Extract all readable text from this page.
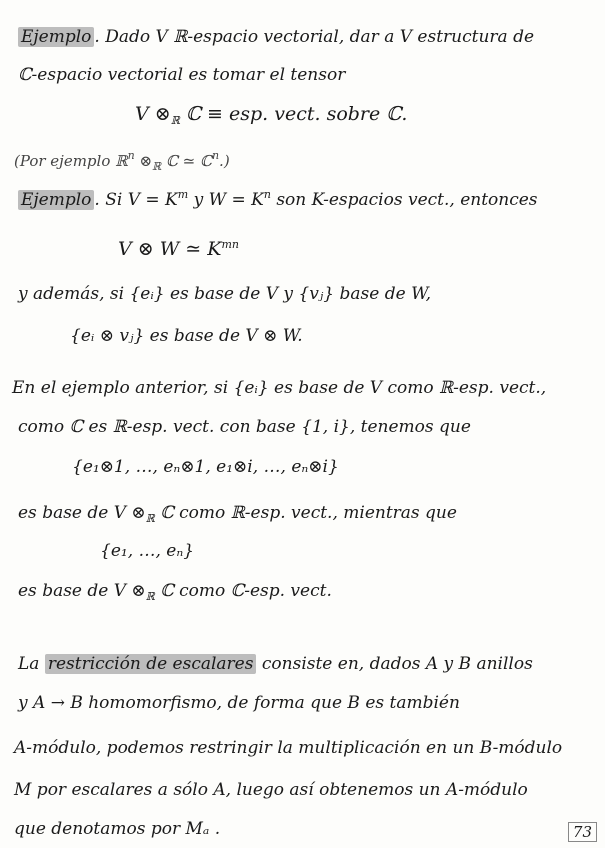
Ejemplo . Dado V ℝ-espacio vectorial, dar a V estructura de
ℂ-espacio vectorial es tomar el tensor
V $\otimes_ℝ$ ℂ ≡ esp. vect. sobre ℂ.
(Por ejemplo ℝ$^n$ $\otimes_ℝ$ ℂ ≃ ℂ$^n$.)
Ejemplo . Si $V = K^m$ y $W = K^n$ son K-espacios vect., entonces
V ⊗ W ≃ $K^{mn}$
y además, si {eᵢ} es base de V y {vⱼ} base de W,
{eᵢ ⊗ vⱼ} es base de V ⊗ W.
En el ejemplo anterior, si {eᵢ} es base de V como ℝ-esp. vect.,
como ℂ es ℝ-esp. vect. con base {1, i}, tenemos que
{e₁⊗1, …, eₙ⊗1, e₁⊗i, …, eₙ⊗i}
es base de V $\otimes_ℝ$ ℂ como ℝ-esp. vect., mientras que
{e₁, …, eₙ}
es base de V $\otimes_ℝ$ ℂ como ℂ-esp. vect.
La restricción de escalares consiste en, dados A y B anillos
y A → B homomorfismo, de forma que B es también
A-módulo, podemos restringir la multiplicación en un B-módulo
M por escalares a sólo A, luego así obtenemos un A-módulo
que denotamos por Mₐ .	73
